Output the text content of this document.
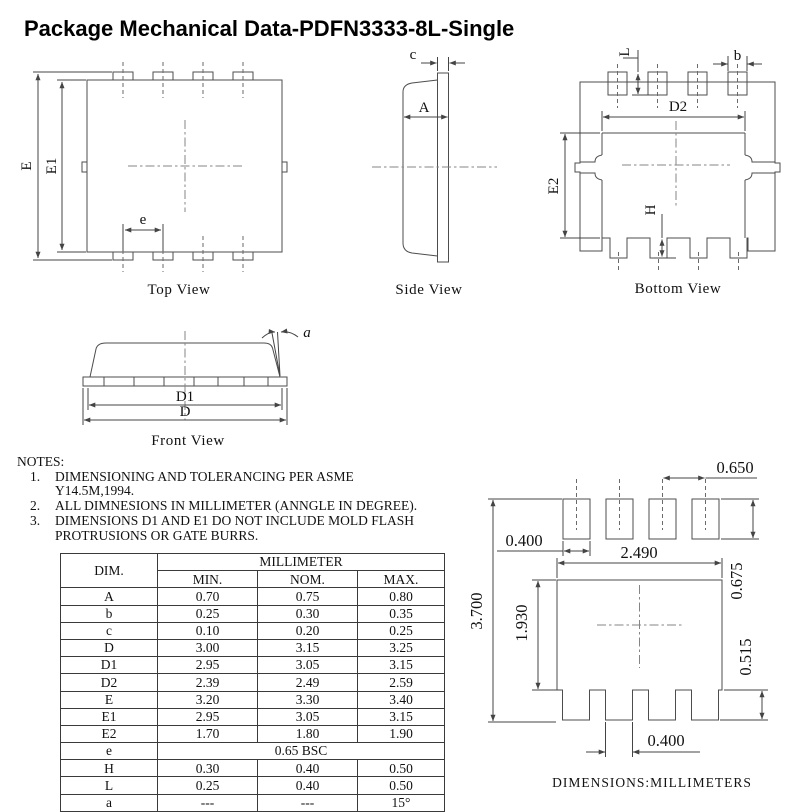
Package Mechanical Data-PDFN3333-8L-Single
E E1
e
Top View
c
A
Side View
D2
E2
H
L	b
Bottom View
D1
D
a
Front View
0.650
0.400
2.490
3.700 1.930
0.675
0.515
0.400
DIMENSIONS:MILLIMETERS
NOTES:
1.	DIMENSIONING AND TOLERANCING PER ASME
Y14.5M,1994.
2.	ALL DIMNESIONS IN MILLIMETER (ANNGLE IN DEGREE).
3.	DIMENSIONS D1 AND E1 DO NOT INCLUDE MOLD FLASH
PROTRUSIONS OR GATE BURRS.
DIM.	MILLIMETER		
	MIN.	NOM.	MAX.
A	0.70	0.75	0.80
b	0.25	0.30	0.35
c	0.10	0.20	0.25
D	3.00	3.15	3.25
D1	2.95	3.05	3.15
D2	2.39	2.49	2.59
E	3.20	3.30	3.40
E1	2.95	3.05	3.15
E2	1.70	1.80	1.90
e	0.65 BSC		
H	0.30	0.40	0.50
L	0.25	0.40	0.50
a	---	---	15°
